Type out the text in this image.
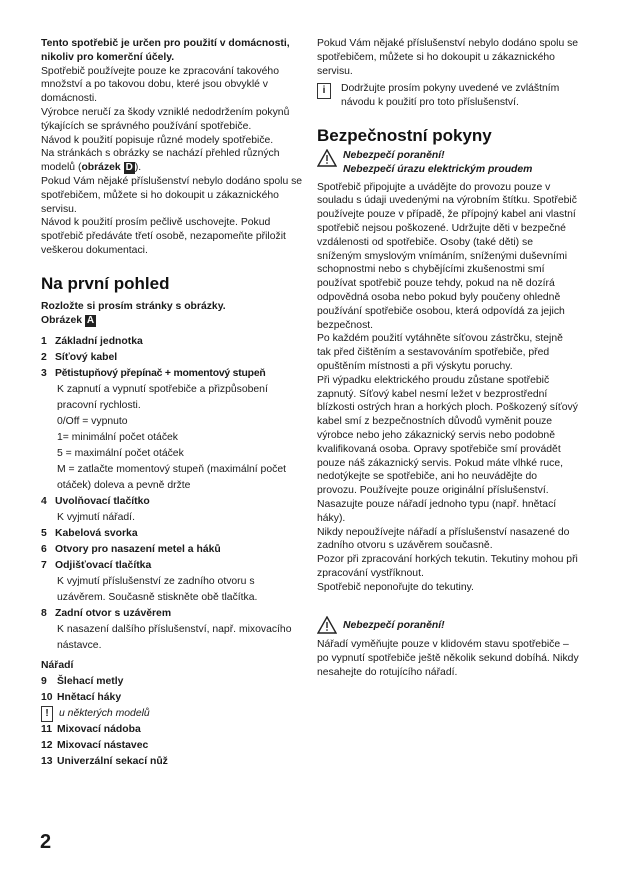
Tento spotřebič je určen pro použití v domácnosti, nikoliv pro komerční účely.

Spotřebič používejte pouze ke zpracování takového množství a po takovou dobu, které jsou obvyklé v domácnosti.

Výrobce neručí za škody vzniklé nedodržením pokynů týkajících se správného používání spotřebiče.

Návod k použití popisuje různé modely spotřebiče.

Na stránkách s obrázky se nachází přehled různých modelů (obrázek D ).

Pokud Vám nějaké příslušenství nebylo dodáno spolu se spotřebičem, můžete si ho dokoupit u zákaznického servisu.

Návod k použití prosím pečlivě uschovejte. Pokud spotřebič předáváte třetí osobě, nezapomeňte přiložit veškerou dokumentaci.

Na první pohled

Rozložte si prosím stránky s obrázky.

Obrázek A

1 Základní jednotka
2 Síťový kabel
3 Pětistupňový přepínač + momentový stupeň
K zapnutí a vypnutí spotřebiče a přizpůsobení pracovní rychlosti.
0/Off = vypnuto
1= minimální počet otáček
5 = maximální počet otáček
M = zatlačte momentový stupeň (maximální počet otáček) doleva a pevně držte
4 Uvolňovací tlačítko
K vyjmutí nářadí.
5 Kabelová svorka
6 Otvory pro nasazení metel a háků
7 Odjišťovací tlačítka
K vyjmutí příslušenství ze zadního otvoru s uzávěrem. Současně stiskněte obě tlačítka.
8 Zadní otvor s uzávěrem
K nasazení dalšího příslušenství, např. mixovacího nástavce.

Nářadí

9 Šlehací metly
10 Hnětací háky
! u některých modelů
11 Mixovací nádoba
12 Mixovací nástavec
13 Univerzální sekací nůž

Pokud Vám nějaké příslušenství nebylo dodáno spolu se spotřebičem, můžete si ho dokoupit u zákaznického servisu.

i	Dodržujte prosím pokyny uvedené ve zvláštním návodu k použití pro toto příslušenství.

Bezpečnostní pokyny

Nebezpečí poranění!

Nebezpečí úrazu elektrickým proudem

Spotřebič připojujte a uvádějte do provozu pouze v souladu s údaji uvedenými na výrobním štítku. Spotřebič používejte pouze v případě, že přípojný kabel ani vlastní spotřebič nejsou poškozené. Udržujte děti v bezpečné vzdálenosti od spotřebiče. Osoby (také děti) se sníženým smyslovým vnímáním, sníženými duševními schopnostmi nebo s chybějícími zkušenostmi smí používat spotřebič pouze tehdy, pokud na ně dozírá odpovědná osoba nebo pokud byly poučeny ohledně používání spotřebiče osobou, která odpovídá za jejich bezpečnost.

Po každém použití vytáhněte síťovou zástrčku, stejně tak před čištěním a sestavováním spotřebiče, před opuštěním místnosti a při výskytu poruchy.

Při výpadku elektrického proudu zůstane spotřebič zapnutý. Síťový kabel nesmí ležet v bezprostřední blízkosti ostrých hran a horkých ploch. Poškozený síťový kabel smí z bezpečnostních důvodů vyměnit pouze výrobce nebo jeho zákaznický servis nebo podobně kvalifikovaná osoba. Opravy spotřebiče smí provádět pouze náš zákaznický servis. Pokud máte vlhké ruce, nedotýkejte se spotřebiče, ani ho neuvádějte do provozu. Používejte pouze originální příslušenství. Nasazujte pouze nářadí jednoho typu (např. hnětací háky).

Nikdy nepoužívejte nářadí a příslušenství nasazené do zadního otvoru s uzávěrem současně.

Pozor při zpracování horkých tekutin. Tekutiny mohou při zpracování vystříknout.

Spotřebič neponořujte do tekutiny.

Nebezpečí poranění!

Nářadí vyměňujte pouze v klidovém stavu spotřebiče – po vypnutí spotřebiče ještě několik sekund dobíhá. Nikdy nesahejte do rotujícího nářadí.

2
